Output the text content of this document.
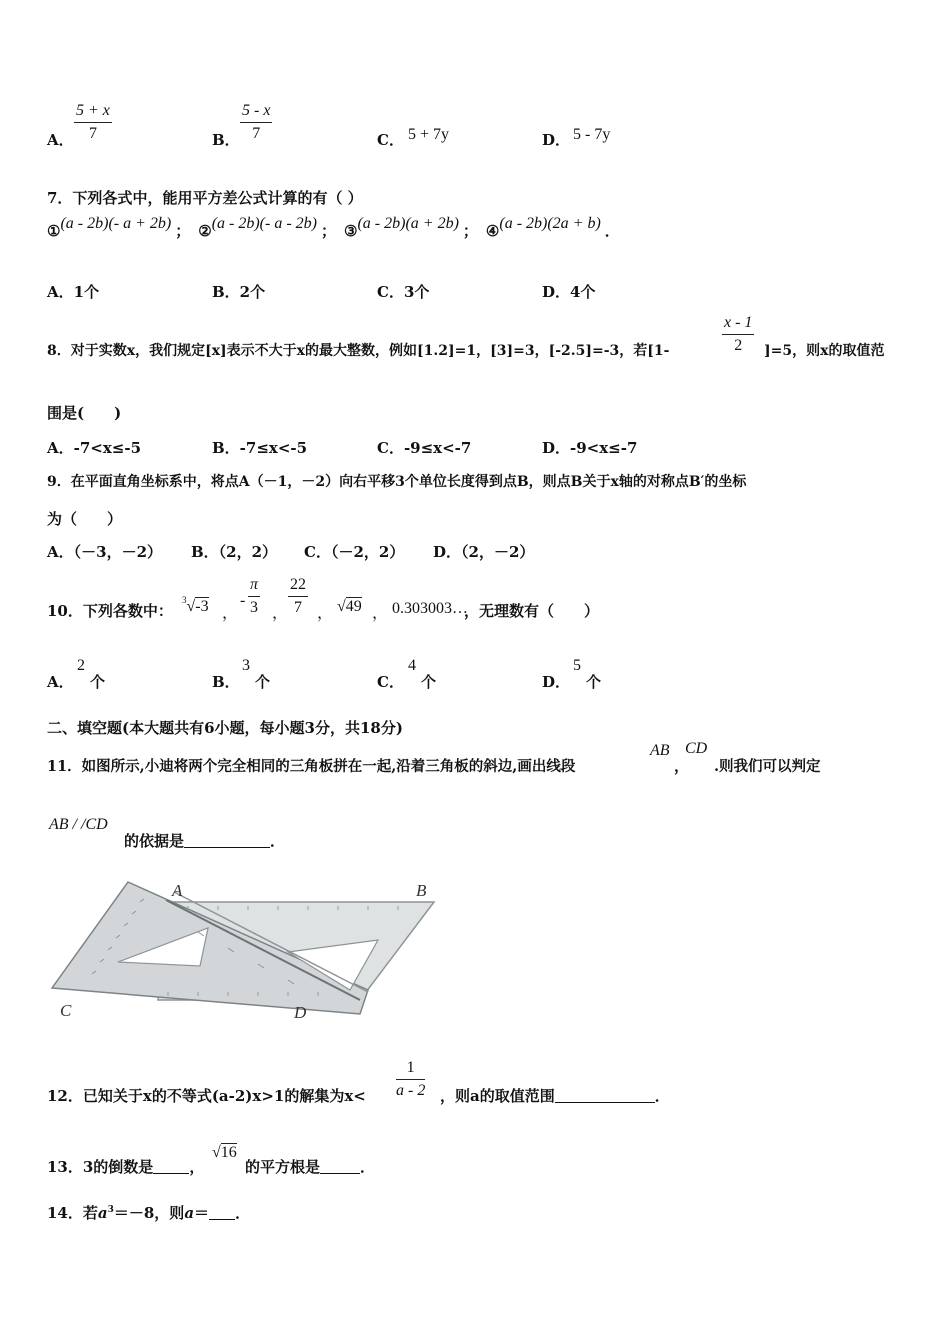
A． $\frac{5 + x}{7}$	B． $\frac{5 - x}{7}$	C． 5 + 7y	D． 5 - 7y
7．下列各式中，能用平方差公式计算的有（ ）
①(a - 2b)(- a + 2b) ； ②(a - 2b)(- a - 2b) ； ③(a - 2b)(a + 2b) ； ④(a - 2b)(2a + b) ．
A．1个	B．2个	C．3个	D．4个
8．对于实数x，我们规定[x]表示不大于x的最大整数，例如[1.2]=1，[3]=3，[-2.5]=-3，若[1-	$\frac{x - 1}{2} ]=5$，则x的取值范
围是(　　)
A．-7<x≤-5	B．-7≤x<-5	C．-9≤x<-7	D．-9<x≤-7
9．在平面直角坐标系中，将点A（－1，－2）向右平移3个单位长度得到点B，则点B关于x轴的对称点B′的坐标
为（　　）
A．（－3，－2） B．（2，2） C．（－2，2） D．（2，－2）
10．下列各数中：
$^3$√-3 ，
- $\frac{\pi}{3}$ ， $\frac{22}{7}$ ， √49 ， 0.303003…
，无理数有（　　）
A．
2
个	B．
3
个	C．
4
个	D．
5
个
二、填空题(本大题共有6小题，每小题3分，共18分)
11．如图所示,小迪将两个完全相同的三角板拼在一起,沿着三角板的斜边,画出线段
AB
，
CD
.则我们可以判定
AB / /CD
的依据是	．
A	B
C	D
12．已知关于x的不等式(a-2)x>1的解集为$x< \frac{1}{a - 2}$ ，则a的取值范围	．
13．3的倒数是 ，
√16
的平方根是	．
14．若$a^3=-8$，则a＝ ．
